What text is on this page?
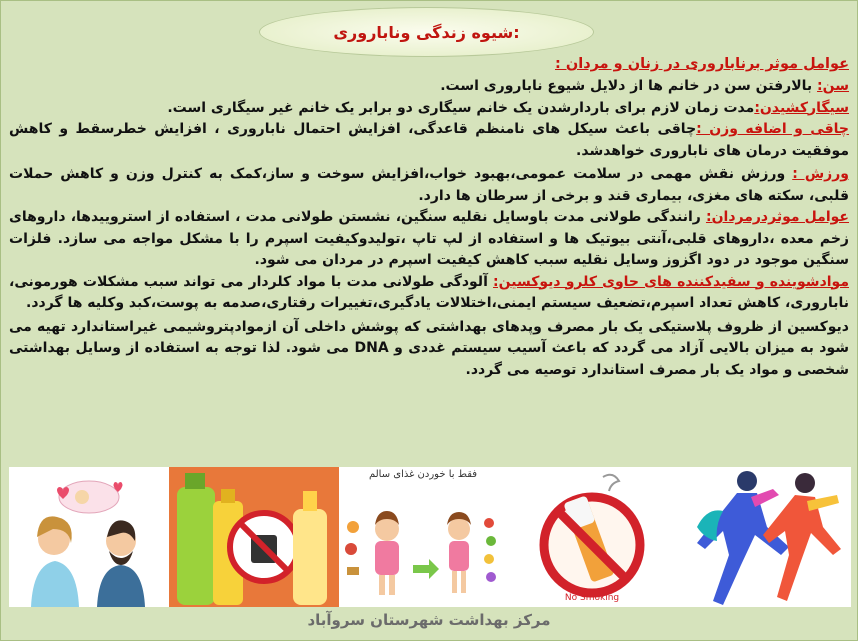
شیوه زندگی وناباروری:
عوامل موثر برناباروری در زنان و مردان :

سن: بالارفتن سن در خانم ها از دلایل شیوع ناباروری است.

سیگارکشیدن:مدت زمان لازم برای باردارشدن یک خانم سیگاری دو برابر یک خانم غیر سیگاری است.

چاقی و اضافه وزن :چاقی باعث سیکل های نامنظم قاعدگی، افزایش احتمال ناباروری ، افزایش خطرسقط و کاهش موفقیت درمان های ناباروری خواهدشد.

ورزش : ورزش نقش مهمی در سلامت عمومی،بهبود خواب،افزایش سوخت و ساز،کمک به کنترل وزن و کاهش حملات قلبی، سکته های مغزی، بیماری قند و برخی از سرطان ها دارد.

عوامل موثردرمردان: رانندگی طولانی مدت باوسایل نقلیه سنگین، نشستن طولانی مدت ، استفاده از استروییدها، داروهای زخم معده ،داروهای قلبی،آنتی بیوتیک ها و استفاده از لپ تاپ ،تولیدوکیفیت اسپرم را با مشکل مواجه می سازد. فلزات سنگین موجود در دود اگزوز وسایل نقلیه سبب کاهش کیفیت اسپرم در مردان می شود.

موادشوینده و سفیدکننده های حاوی کلرو دیوکسین: آلودگی طولانی مدت با مواد کلردار می تواند سبب مشکلات هورمونی، ناباروری، کاهش تعداد اسپرم،تضعیف سیستم ایمنی،اختلالات یادگیری،تغییرات رفتاری،صدمه به پوست،کبد وکلیه ها گردد.

دیوکسین از ظروف پلاستیکی یک بار مصرف وپدهای بهداشتی که پوشش داخلی آن ازموادپتروشیمی غیراستاندارد تهیه می شود به میزان بالایی آزاد می گردد که باعث آسیب سیستم غددی و DNA می شود. لذا توجه به استفاده از وسایل بهداشتی شخصی و مواد یک بار مصرف استاندارد توصیه می گردد.

فقط با خوردن غذای سالم
No Smoking
مرکز بهداشت شهرستان سروآباد
